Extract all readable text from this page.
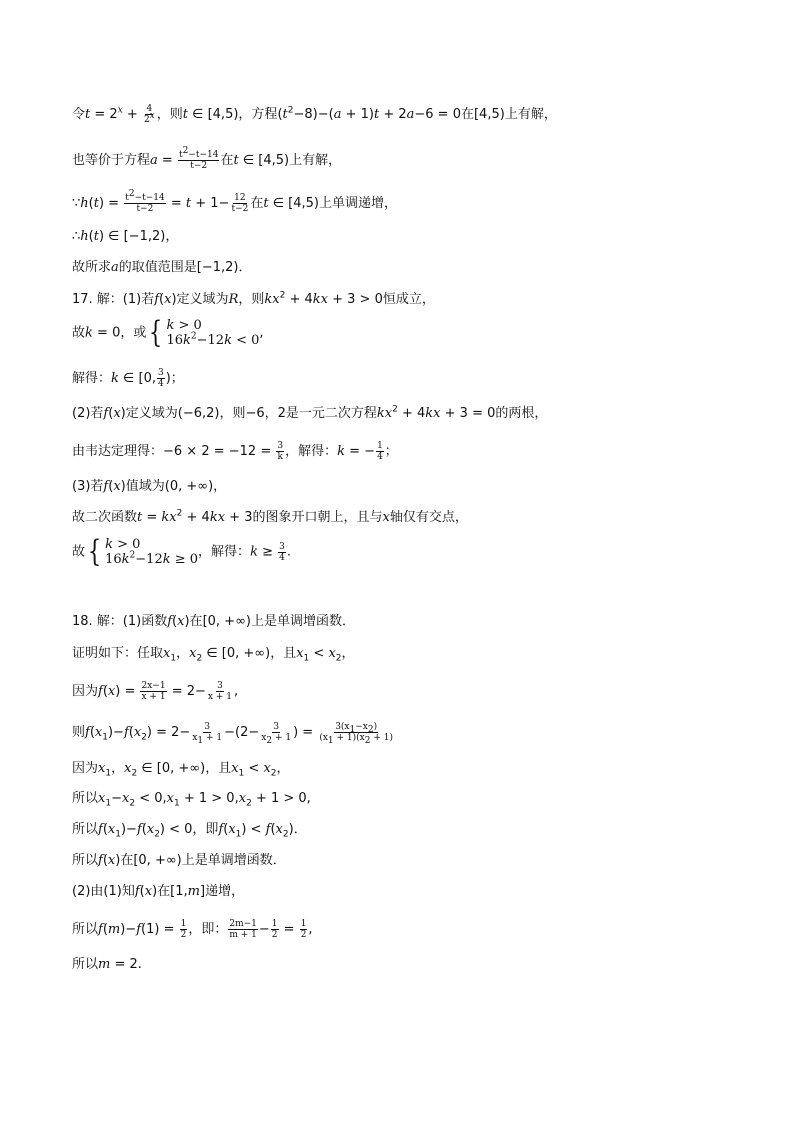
令$t = 2^x + \frac{4}{2^x}$ ，则t ∈ [4,5)，方程$(t^2-8)-(a + 1)t + 2a-6 = 0$在[4,5)上有解，
也等价于方程$a = \frac{t^2-t-14}{t-2}$ 在t ∈ [4,5)上有解，
∵h(t) = $\frac{t^2-t-14}{t-2} = t + 1- \frac{12}{t-2}$ 在t ∈ [4,5)上单调递增，
∴h(t) ∈ [−1,2)，
故所求a的取值范围是[−1,2)．
17. 解：(1)若f(x)定义域为R，则$kx^2 + 4kx + 3 > 0$恒成立，
故k = 0，或 { k > 0
$16k^2-12k < 0$ ,
解得：k ∈ [0, $\frac{3}{4}$ )；
(2)若f(x)定义域为(−6,2)，则−6，2是一元二次方程$kx^2 + 4kx + 3 = 0$的两根，
由韦达定理得：$-6 \times 2 = -12 = \frac{3}{k}$ ，解得：k = − $\frac{1}{4}$ ；
(3)若f(x)值域为(0, +∞)，
故二次函数$t = kx^2 + 4kx + 3$的图象开口朝上，且与x轴仅有交点，
故 { k > 0
$16k^2-12k \ge 0$ ，解得：$k \ge \frac{3}{4}$ .
18. 解：(1)函数f(x)在[0, +∞)上是单调增函数．
证明如下：任取$x_1$，$x_2$ ∈ [0, +∞)，且$x_1 < x_2$，
因为$f(x) = \frac{2x-1}{x + 1} = 2- \frac{3}{x + 1}$ ,
则$f(x_1)-f(x_2) = 2- \frac{3}{x_1 + 1} -(2- \frac{3}{x_2 + 1}$ ) = $\frac{3(x_1-x_2)}{(x_1 + 1)(x_2 + 1)}$
因为$x_1$，$x_2$ ∈ [0, +∞)，且$x_1 < x_2$，
所以$x_1-x_2 < 0,x_1 + 1 > 0,x_2 + 1 > 0$,
所以$f(x_1)-f(x_2) < 0$，即$f(x_1) < f(x_2)$．
所以f(x)在[0, +∞)上是单调增函数．
(2)由(1)知f(x)在[1,m]递增，
所以$f(m)-f(1) = \frac{1}{2}$ ，即： $\frac{2m-1}{m + 1} - \frac{1}{2} = \frac{1}{2}$ ,
所以m = 2.
